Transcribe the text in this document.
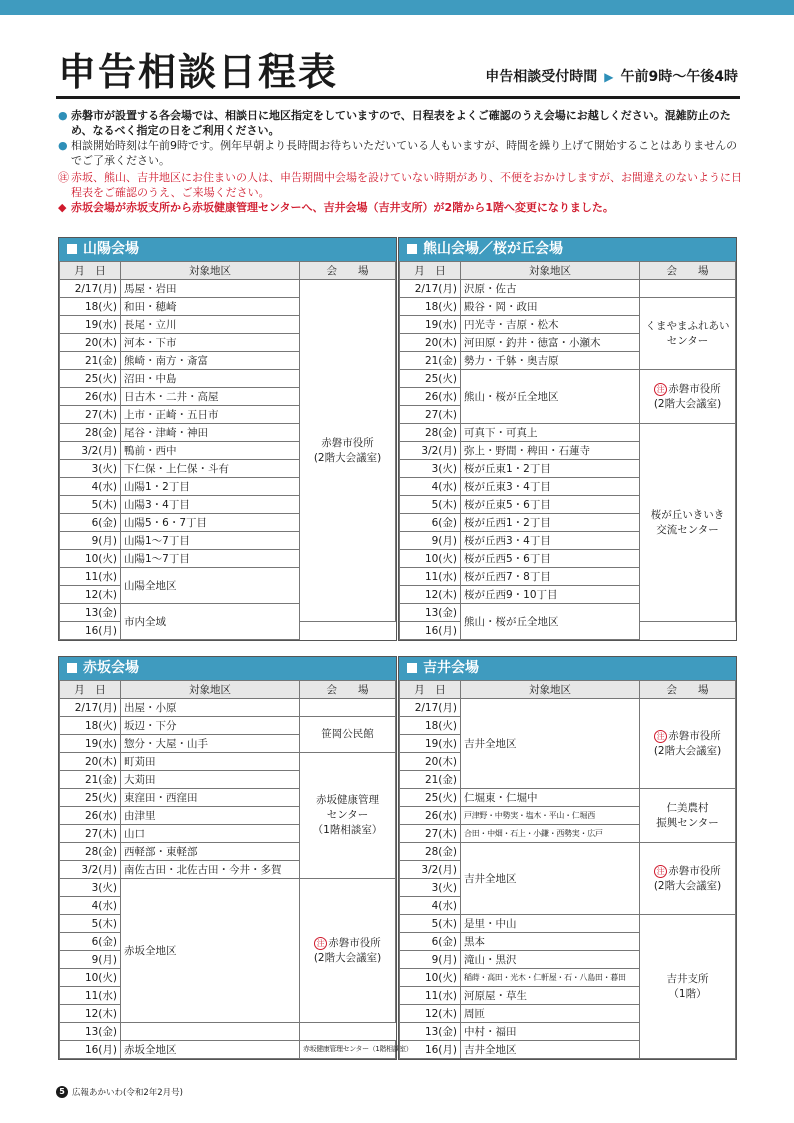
申告相談日程表	申告相談受付時間 ▶ 午前9時～午後4時

● 赤磐市が設置する各会場では、相談日に地区指定をしていますので、日程表をよくご確認のうえ会場にお越しください。混雑防止のため、なるべく指定の日をご利用ください。

● 相談開始時刻は午前9時です。例年早朝より長時間お待ちいただいている人もいますが、時間を繰り上げて開始することはありませんのでご了承ください。

㊟ 赤坂、熊山、吉井地区にお住まいの人は、申告期間中会場を設けていない時期があり、不便をおかけしますが、お間違えのないように日程表をご確認のうえ、ご来場ください。

◆ 赤坂会場が赤坂支所から赤坂健康管理センターへ、吉井会場（吉井支所）が2階から1階へ変更になりました。

山陽会場
月　日	対象地区	会　　場
2/17(月)	馬屋・岩田	赤磐市役所
(2階大会議室)
18(火)	和田・穂崎	
19(水)	長尾・立川	
20(木)	河本・下市	
21(金)	熊崎・南方・斎富	
25(火)	沼田・中島	
26(水)	日古木・二井・高屋	
27(木)	上市・正崎・五日市	
28(金)	尾谷・津崎・神田	
3/2(月)	鴨前・西中	
3(火)	下仁保・上仁保・斗有	
4(水)	山陽1・2丁目	
5(木)	山陽3・4丁目	
6(金)	山陽5・6・7丁目	
9(月)	山陽1～7丁目	
10(火)	山陽1～7丁目	
11(水)	山陽全地区	
12(木)		
13(金)	市内全域	
16(月)		
熊山会場／桜が丘会場
月　日	対象地区	会　　場
2/17(月)	沢原・佐古	
18(火)	殿谷・岡・政田	くまやまふれあい
センター
19(水)	円光寺・吉原・松木	
20(木)	河田原・釣井・徳富・小瀬木	
21(金)	勢力・千躰・奥吉原	
25(火)	熊山・桜が丘全地区	注 赤磐市役所
(2階大会議室)
26(水)		
27(木)		
28(金)	可真下・可真上	桜が丘いきいき
交流センター
3/2(月)	弥上・野間・稗田・石蓮寺	
3(火)	桜が丘東1・2丁目	
4(水)	桜が丘東3・4丁目	
5(木)	桜が丘東5・6丁目	
6(金)	桜が丘西1・2丁目	
9(月)	桜が丘西3・4丁目	
10(火)	桜が丘西5・6丁目	
11(水)	桜が丘西7・8丁目	
12(木)	桜が丘西9・10丁目	
13(金)	熊山・桜が丘全地区	
16(月)		
赤坂会場
月　日	対象地区	会　　場
2/17(月)	出屋・小原	
18(火)	坂辺・下分	笹岡公民館
19(水)	惣分・大屋・山手	
20(木)	町苅田	赤坂健康管理
センター
（1階相談室）
21(金)	大苅田	
25(火)	東窪田・西窪田	
26(水)	由津里	
27(木)	山口	
28(金)	西軽部・東軽部	
3/2(月)	南佐古田・北佐古田・今井・多賀	
3(火)	赤坂全地区	注 赤磐市役所
(2階大会議室)
4(水)		
5(木)		
6(金)		
9(月)		
10(火)		
11(水)		
12(木)		
13(金)		
16(月)	赤坂全地区	赤坂健康管理センター（1階相談室）
吉井会場
月　日	対象地区	会　　場
2/17(月)	吉井全地区	注 赤磐市役所
(2階大会議室)
18(火)		
19(水)		
20(木)		
21(金)		
25(火)	仁堀東・仁堀中	仁美農村
振興センター
26(水)	戸津野・中勢実・塩木・平山・仁堀西	
27(木)	合田・中畑・石上・小鎌・西勢実・広戸	
28(金)	吉井全地区	注 赤磐市役所
(2階大会議室)
3/2(月)		
3(火)		
4(水)		
5(木)	是里・中山	吉井支所
（1階）
6(金)	黒本	
9(月)	滝山・黒沢	
10(火)	稲蒔・高田・光木・仁軒屋・石・八島田・暮田	
11(水)	河原屋・草生	
12(木)	周匝	
13(金)	中村・福田	
16(月)	吉井全地区	
5 広報あかいわ(令和2年2月号)
